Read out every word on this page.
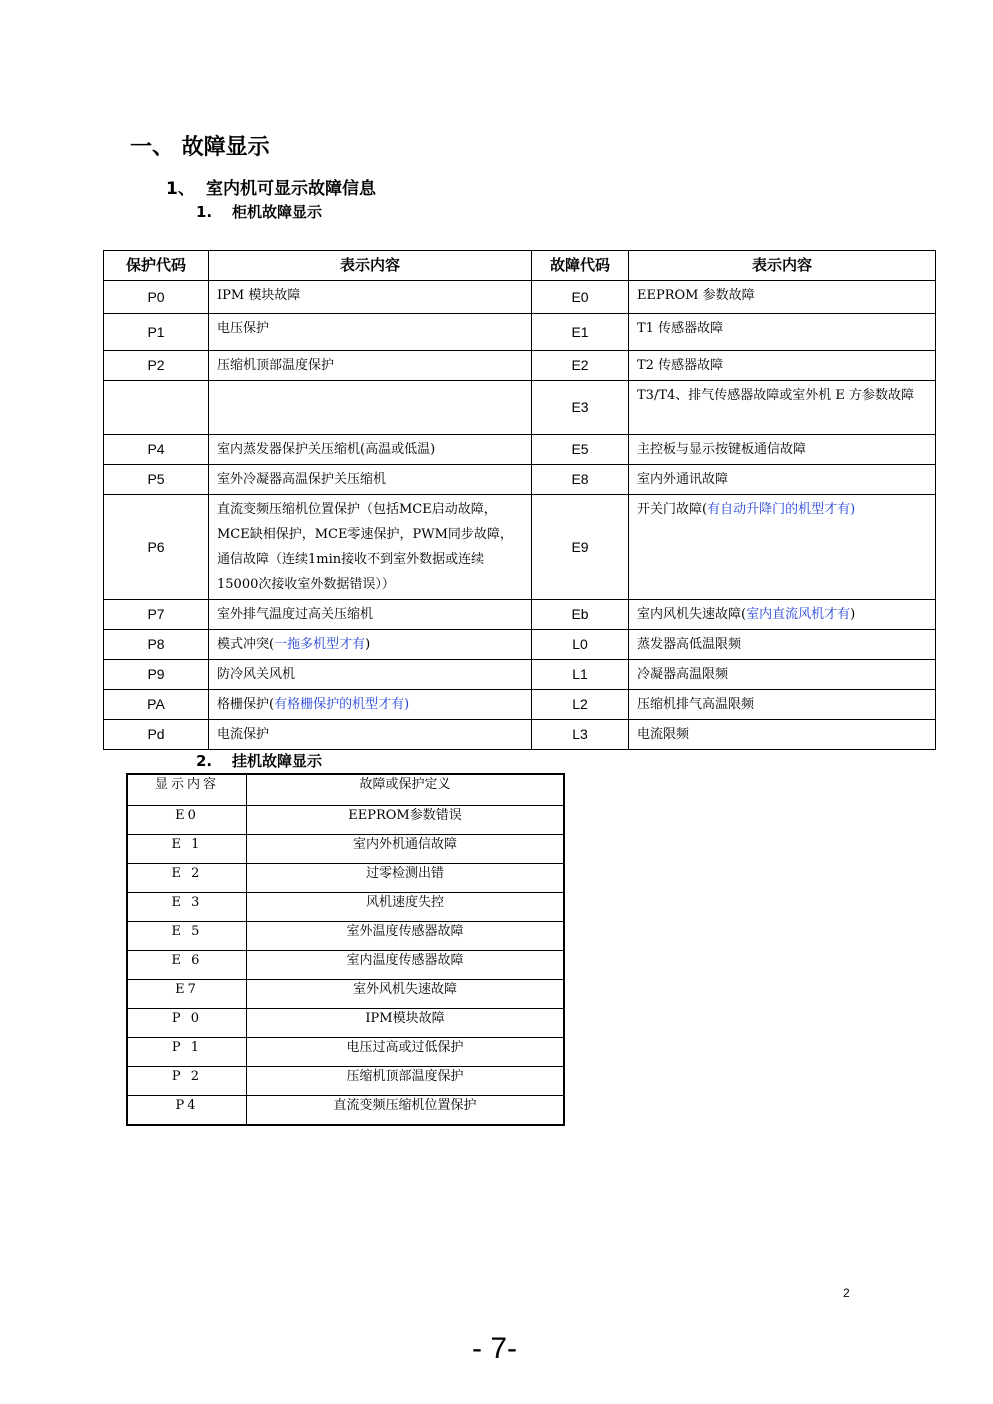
一、 故障显示
1、 室内机可显示故障信息
1. 柜机故障显示
保护代码	表示内容	故障代码	表示内容
P0	IPM 模块故障	E0	EEPROM 参数故障
P1	电压保护	E1	T1 传感器故障
P2	压缩机顶部温度保护	E2	T2 传感器故障
		E3	T3/T4、排气传感器故障或室外机 E 方参数故障
P4	室内蒸发器保护关压缩机(高温或低温)	E5	主控板与显示按键板通信故障
P5	室外冷凝器高温保护关压缩机	E8	室内外通讯故障
P6	直流变频压缩机位置保护（包括MCE启动故障，MCE缺相保护，MCE零速保护，PWM同步故障，通信故障（连续1min接收不到室外数据或连续15000次接收室外数据错误））	E9	开关门故障(有自动升降门的机型才有)
P7	室外排气温度过高关压缩机	Eb	室内风机失速故障(室内直流风机才有)
P8	模式冲突(一拖多机型才有)	L0	蒸发器高低温限频
P9	防冷风关风机	L1	冷凝器高温限频
PA	格栅保护(有格栅保护的机型才有)	L2	压缩机排气高温限频
Pd	电流保护	L3	电流限频
2. 挂机故障显示
显示内容	故障或保护定义
E0	EEPROM参数错误
E 1	室内外机通信故障
E 2	过零检测出错
E 3	风机速度失控
E 5	室外温度传感器故障
E 6	室内温度传感器故障
E7	室外风机失速故障
P 0	IPM模块故障
P 1	电压过高或过低保护
P 2	压缩机顶部温度保护
P4	直流变频压缩机位置保护
2
- 7-
